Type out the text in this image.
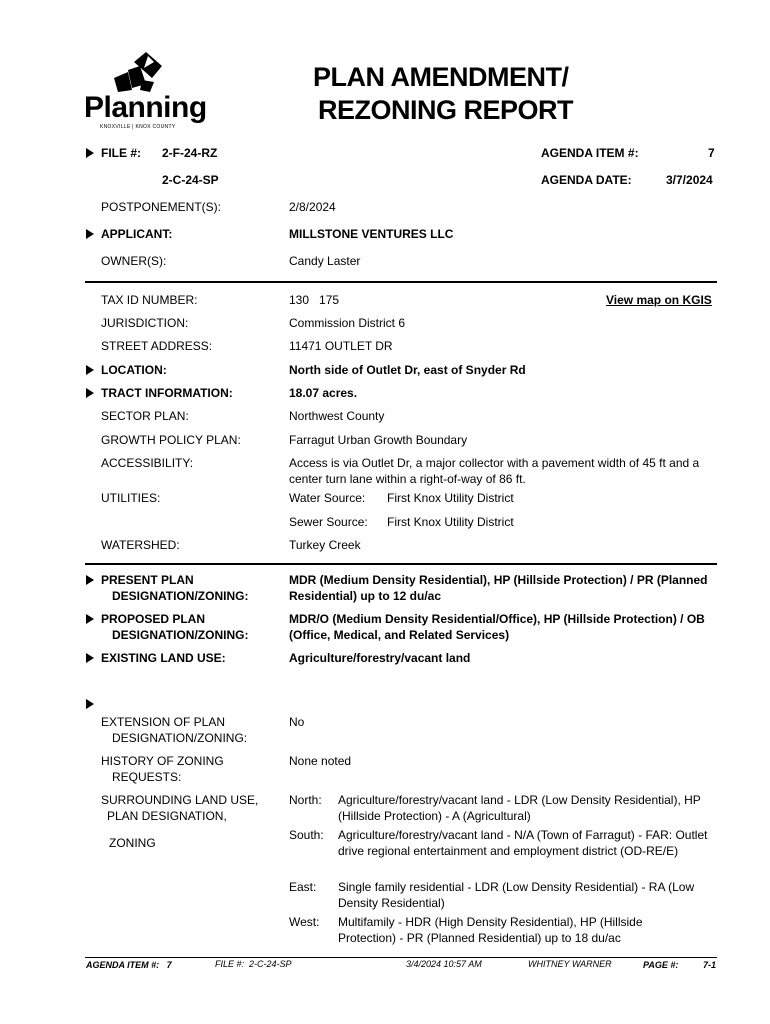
Planning
KNOXVILLE | KNOX COUNTY
PLAN AMENDMENT/
REZONING REPORT
FILE #: 2-F-24-RZ
2-C-24-SP
AGENDA ITEM #:	7
AGENDA DATE:	3/7/2024
POSTPONEMENT(S):	2/8/2024
APPLICANT:	MILLSTONE VENTURES LLC
OWNER(S):	Candy Laster
TAX ID NUMBER:	130   175	View map on KGIS
JURISDICTION:	Commission District 6
STREET ADDRESS:	11471 OUTLET DR
LOCATION:	North side of Outlet Dr, east of Snyder Rd
TRACT INFORMATION:	18.07 acres.
SECTOR PLAN:	Northwest County
GROWTH POLICY PLAN:	Farragut Urban Growth Boundary
ACCESSIBILITY:	Access is via Outlet Dr, a major collector with a pavement width of 45 ft and a center turn lane within a right-of-way of 86 ft.
UTILITIES:	Water Source: First Knox Utility District
Sewer Source: First Knox Utility District
WATERSHED:	Turkey Creek
PRESENT PLAN
DESIGNATION/ZONING:
MDR (Medium Density Residential), HP (Hillside Protection) / PR (Planned Residential) up to 12 du/ac
PROPOSED PLAN
DESIGNATION/ZONING:
MDR/O (Medium Density Residential/Office), HP (Hillside Protection) / OB (Office, Medical, and Related Services)
EXISTING LAND USE:	Agriculture/forestry/vacant land
EXTENSION OF PLAN
DESIGNATION/ZONING:
No
HISTORY OF ZONING
REQUESTS:
None noted
SURROUNDING LAND USE,
PLAN DESIGNATION,
ZONING
North: Agriculture/forestry/vacant land - LDR (Low Density Residential), HP (Hillside Protection) - A (Agricultural)
South: Agriculture/forestry/vacant land - N/A (Town of Farragut) - FAR: Outlet drive regional entertainment and employment district (OD-RE/E)
East: Single family residential - LDR (Low Density Residential) - RA (Low Density Residential)
West: Multifamily - HDR (High Density Residential), HP (Hillside Protection) - PR (Planned Residential) up to 18 du/ac
AGENDA ITEM #:   7	FILE #:  2-C-24-SP	3/4/2024 10:57 AM	WHITNEY WARNER	PAGE #:	7-1
